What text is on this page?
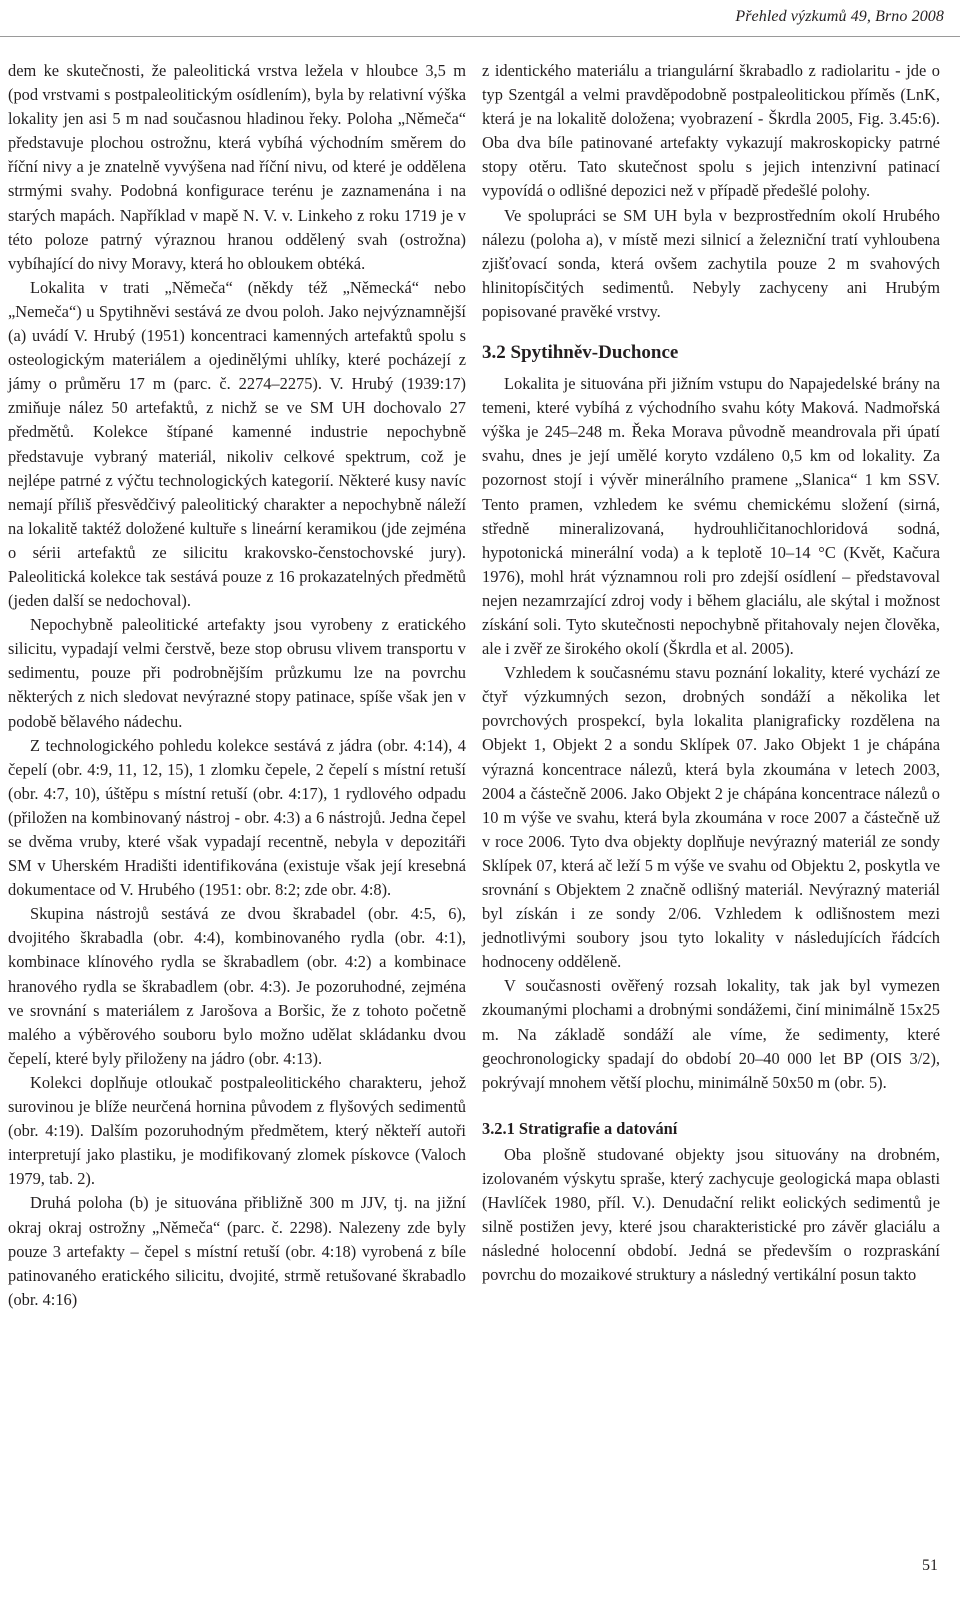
Přehled výzkumů 49, Brno 2008

dem ke skutečnosti, že paleolitická vrstva ležela v hloubce 3,5 m (pod vrstvami s postpaleolitickým osídlením), byla by relativní výška lokality jen asi 5 m nad současnou hladinou řeky. Poloha „Němeča“ představuje plochou ostrožnu, která vybíhá východním směrem do říční nivy a je znatelně vyvýšena nad říční nivu, od které je oddělena strmými svahy. Podobná konfigurace terénu je zaznamenána i na starých mapách. Například v mapě N. V. v. Linkeho z roku 1719 je v této poloze patrný výraznou hranou oddělený svah (ostrožna) vybíhající do nivy Moravy, která ho obloukem obtéká.

Lokalita v trati „Němeča“ (někdy též „Německá“ nebo „Nemeča“) u Spytihněvi sestává ze dvou poloh. Jako nejvýznamnější (a) uvádí V. Hrubý (1951) koncentraci kamenných artefaktů spolu s osteologickým materiálem a ojedinělými uhlíky, které pocházejí z jámy o průměru 17 m (parc. č. 2274–2275). V. Hrubý (1939:17) zmiňuje nález 50 artefaktů, z nichž se ve SM UH dochovalo 27 předmětů. Kolekce štípané kamenné industrie nepochybně představuje vybraný materiál, nikoliv celkové spektrum, což je nejlépe patrné z výčtu technologických kategorií. Některé kusy navíc nemají příliš přesvědčivý paleolitický charakter a nepochybně náleží na lokalitě taktéž doložené kultuře s lineární keramikou (jde zejména o sérii artefaktů ze silicitu krakovsko-čenstochovské jury). Paleolitická kolekce tak sestává pouze z 16 prokazatelných předmětů (jeden další se nedochoval).

Nepochybně paleolitické artefakty jsou vyrobeny z eratického silicitu, vypadají velmi čerstvě, beze stop obrusu vlivem transportu v sedimentu, pouze při podrobnějším průzkumu lze na povrchu některých z nich sledovat nevýrazné stopy patinace, spíše však jen v podobě bělavého nádechu.

Z technologického pohledu kolekce sestává z jádra (obr. 4:14), 4 čepelí (obr. 4:9, 11, 12, 15), 1 zlomku čepele, 2 čepelí s místní retuší (obr. 4:7, 10), úštěpu s místní retuší (obr. 4:17), 1 rydlového odpadu (přiložen na kombinovaný nástroj - obr. 4:3) a 6 nástrojů. Jedna čepel se dvěma vruby, které však vypadají recentně, nebyla v depozitáři SM v Uherském Hradišti identifikována (existuje však její kresebná dokumentace od V. Hrubého (1951: obr. 8:2; zde obr. 4:8).

Skupina nástrojů sestává ze dvou škrabadel (obr. 4:5, 6), dvojitého škrabadla (obr. 4:4), kombinovaného rydla (obr. 4:1), kombinace klínového rydla se škrabadlem (obr. 4:2) a kombinace hranového rydla se škrabadlem (obr. 4:3). Je pozoruhodné, zejména ve srovnání s materiálem z Jarošova a Boršic, že z tohoto početně malého a výběrového souboru bylo možno udělat skládanku dvou čepelí, které byly přiloženy na jádro (obr. 4:13).

Kolekci doplňuje otloukač postpaleolitického charakteru, jehož surovinou je blíže neurčená hornina původem z flyšových sedimentů (obr. 4:19). Dalším pozoruhodným předmětem, který někteří autoři interpretují jako plastiku, je modifikovaný zlomek pískovce (Valoch 1979, tab. 2).

Druhá poloha (b) je situována přibližně 300 m JJV, tj. na jižní okraj okraj ostrožny „Němeča“ (parc. č. 2298). Nalezeny zde byly pouze 3 artefakty – čepel s místní retuší (obr. 4:18) vyrobená z bíle patinovaného eratického silicitu, dvojité, strmě retušované škrabadlo (obr. 4:16)

z identického materiálu a triangulární škrabadlo z radiolaritu - jde o typ Szentgál a velmi pravděpodobně postpaleolitickou příměs (LnK, která je na lokalitě doložena; vyobrazení - Škrdla 2005, Fig. 3.45:6). Oba dva bíle patinované artefakty vykazují makroskopicky patrné stopy otěru. Tato skutečnost spolu s jejich intenzivní patinací vypovídá o odlišné depozici než v případě předešlé polohy.

Ve spolupráci se SM UH byla v bezprostředním okolí Hrubého nálezu (poloha a), v místě mezi silnicí a železniční tratí vyhloubena zjišťovací sonda, která ovšem zachytila pouze 2 m svahových hlinitopísčitých sedimentů. Nebyly zachyceny ani Hrubým popisované pravěké vrstvy.

3.2 Spytihněv-Duchonce

Lokalita je situována při jižním vstupu do Napajedelské brány na temeni, které vybíhá z východního svahu kóty Maková. Nadmořská výška je 245–248 m. Řeka Morava původně meandrovala při úpatí svahu, dnes je její umělé koryto vzdáleno 0,5 km od lokality. Za pozornost stojí i vývěr minerálního pramene „Slanica“ 1 km SSV. Tento pramen, vzhledem ke svému chemickému složení (sirná, středně mineralizovaná, hydrouhličitanochloridová sodná, hypotonická minerální voda) a k teplotě 10–14 °C (Květ, Kačura 1976), mohl hrát významnou roli pro zdejší osídlení – představoval nejen nezamrzající zdroj vody i během glaciálu, ale skýtal i možnost získání soli. Tyto skutečnosti nepochybně přitahovaly nejen člověka, ale i zvěř ze širokého okolí (Škrdla et al. 2005).

Vzhledem k současnému stavu poznání lokality, které vychází ze čtyř výzkumných sezon, drobných sondáží a několika let povrchových prospekcí, byla lokalita planigraficky rozdělena na Objekt 1, Objekt 2 a sondu Sklípek 07. Jako Objekt 1 je chápána výrazná koncentrace nálezů, která byla zkoumána v letech 2003, 2004 a částečně 2006. Jako Objekt 2 je chápána koncentrace nálezů o 10 m výše ve svahu, která byla zkoumána v roce 2007 a částečně už v roce 2006. Tyto dva objekty doplňuje nevýrazný materiál ze sondy Sklípek 07, která ač leží 5 m výše ve svahu od Objektu 2, poskytla ve srovnání s Objektem 2 značně odlišný materiál. Nevýrazný materiál byl získán i ze sondy 2/06. Vzhledem k odlišnostem mezi jednotlivými soubory jsou tyto lokality v následujících řádcích hodnoceny odděleně.

V současnosti ověřený rozsah lokality, tak jak byl vymezen zkoumanými plochami a drobnými sondážemi, činí minimálně 15x25 m. Na základě sondáží ale víme, že sedimenty, které geochronologicky spadají do období 20–40 000 let BP (OIS 3/2), pokrývají mnohem větší plochu, minimálně 50x50 m (obr. 5).

3.2.1 Stratigrafie a datování

Oba plošně studované objekty jsou situovány na drobném, izolovaném výskytu spraše, který zachycuje geologická mapa oblasti (Havlíček 1980, příl. V.). Denudační relikt eolických sedimentů je silně postižen jevy, které jsou charakteristické pro závěr glaciálu a následné holocenní období. Jedná se především o rozpraskání povrchu do mozaikové struktury a následný vertikální posun takto

51
